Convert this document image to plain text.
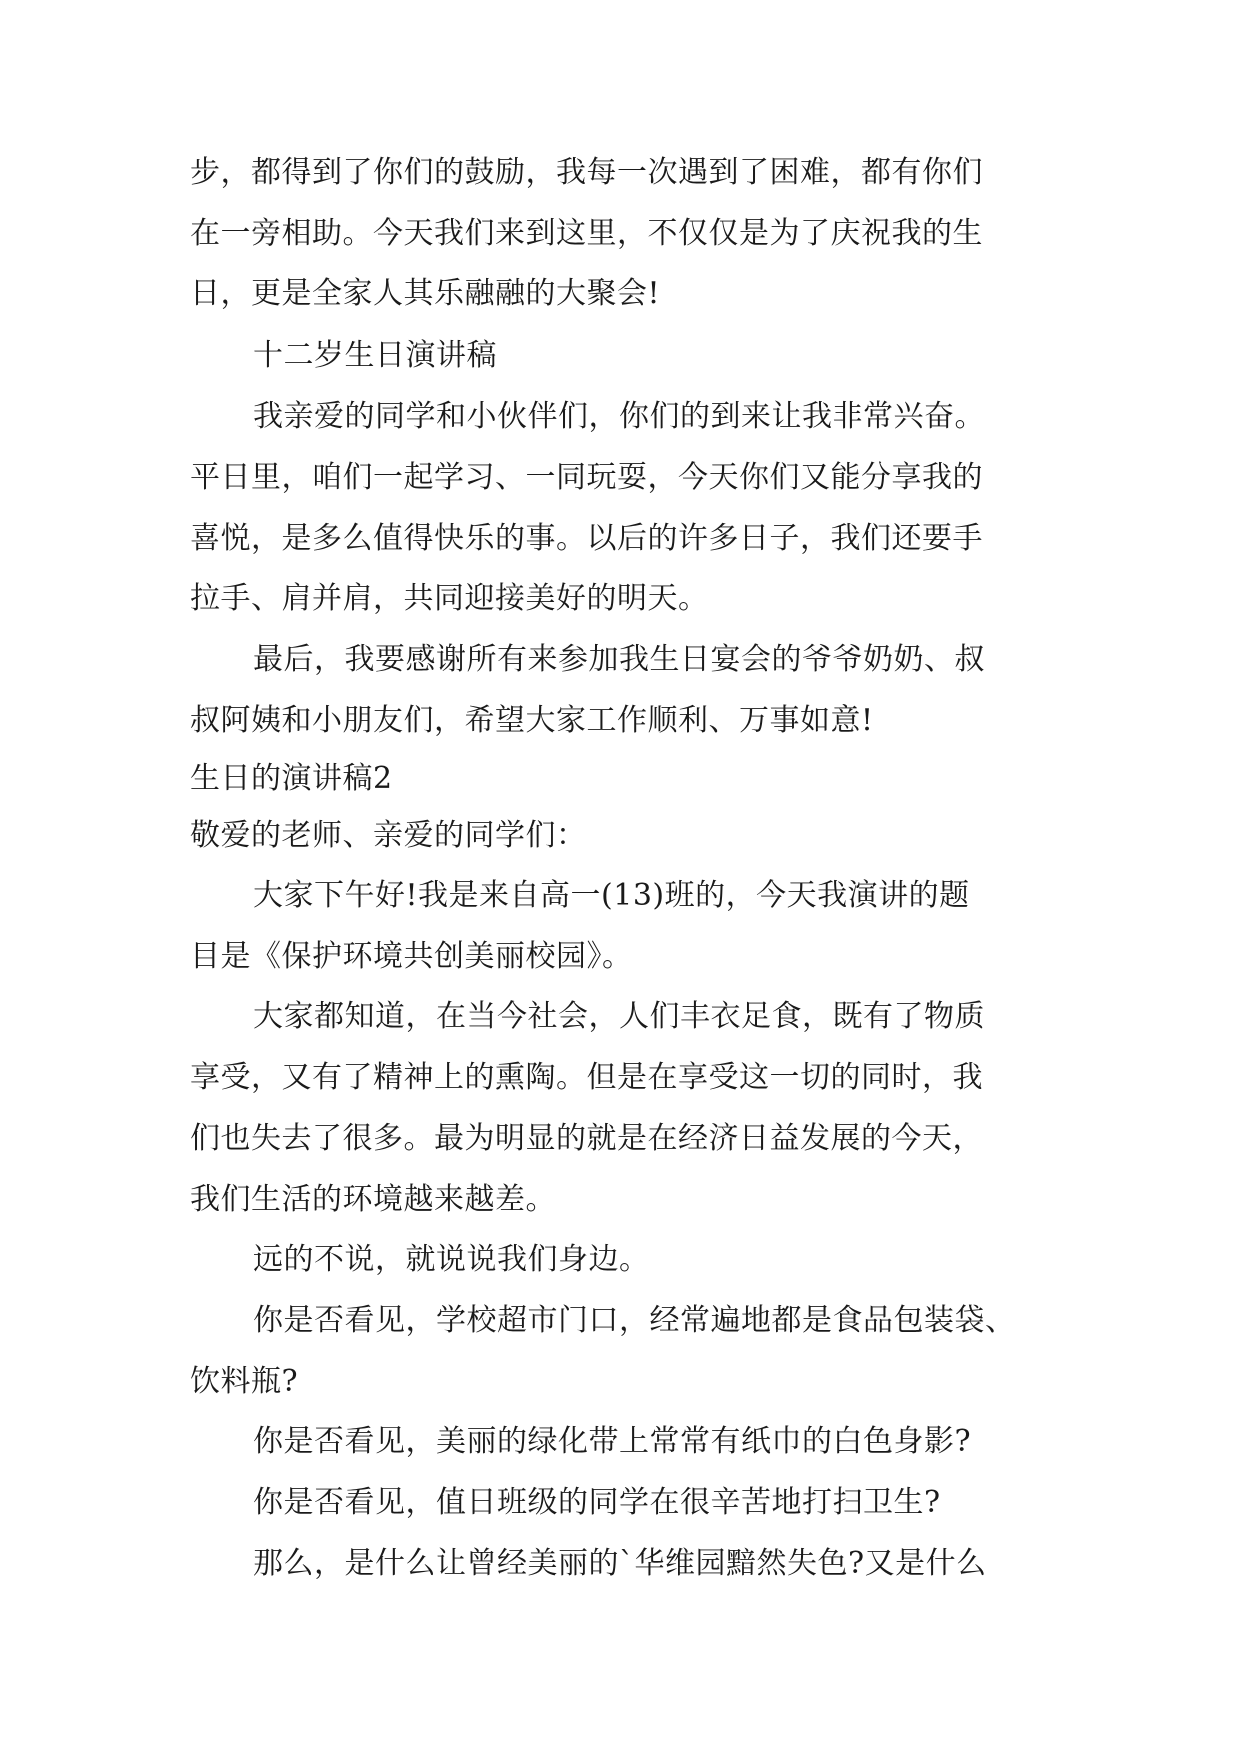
步，都得到了你们的鼓励，我每一次遇到了困难，都有你们
在一旁相助。今天我们来到这里，不仅仅是为了庆祝我的生
日，更是全家人其乐融融的大聚会!
十二岁生日演讲稿
我亲爱的同学和小伙伴们，你们的到来让我非常兴奋。
平日里，咱们一起学习、一同玩耍，今天你们又能分享我的
喜悦，是多么值得快乐的事。以后的许多日子，我们还要手
拉手、肩并肩，共同迎接美好的明天。
最后，我要感谢所有来参加我生日宴会的爷爷奶奶、叔
叔阿姨和小朋友们，希望大家工作顺利、万事如意!
生日的演讲稿2
敬爱的老师、亲爱的同学们：
大家下午好!我是来自高一(13)班的，今天我演讲的题
目是《保护环境共创美丽校园》。
大家都知道，在当今社会，人们丰衣足食，既有了物质
享受，又有了精神上的熏陶。但是在享受这一切的同时，我
们也失去了很多。最为明显的就是在经济日益发展的今天，
我们生活的环境越来越差。
远的不说，就说说我们身边。
你是否看见，学校超市门口，经常遍地都是食品包装袋、
饮料瓶?
你是否看见，美丽的绿化带上常常有纸巾的白色身影?
你是否看见，值日班级的同学在很辛苦地打扫卫生?
那么，是什么让曾经美丽的`华维园黯然失色?又是什么
